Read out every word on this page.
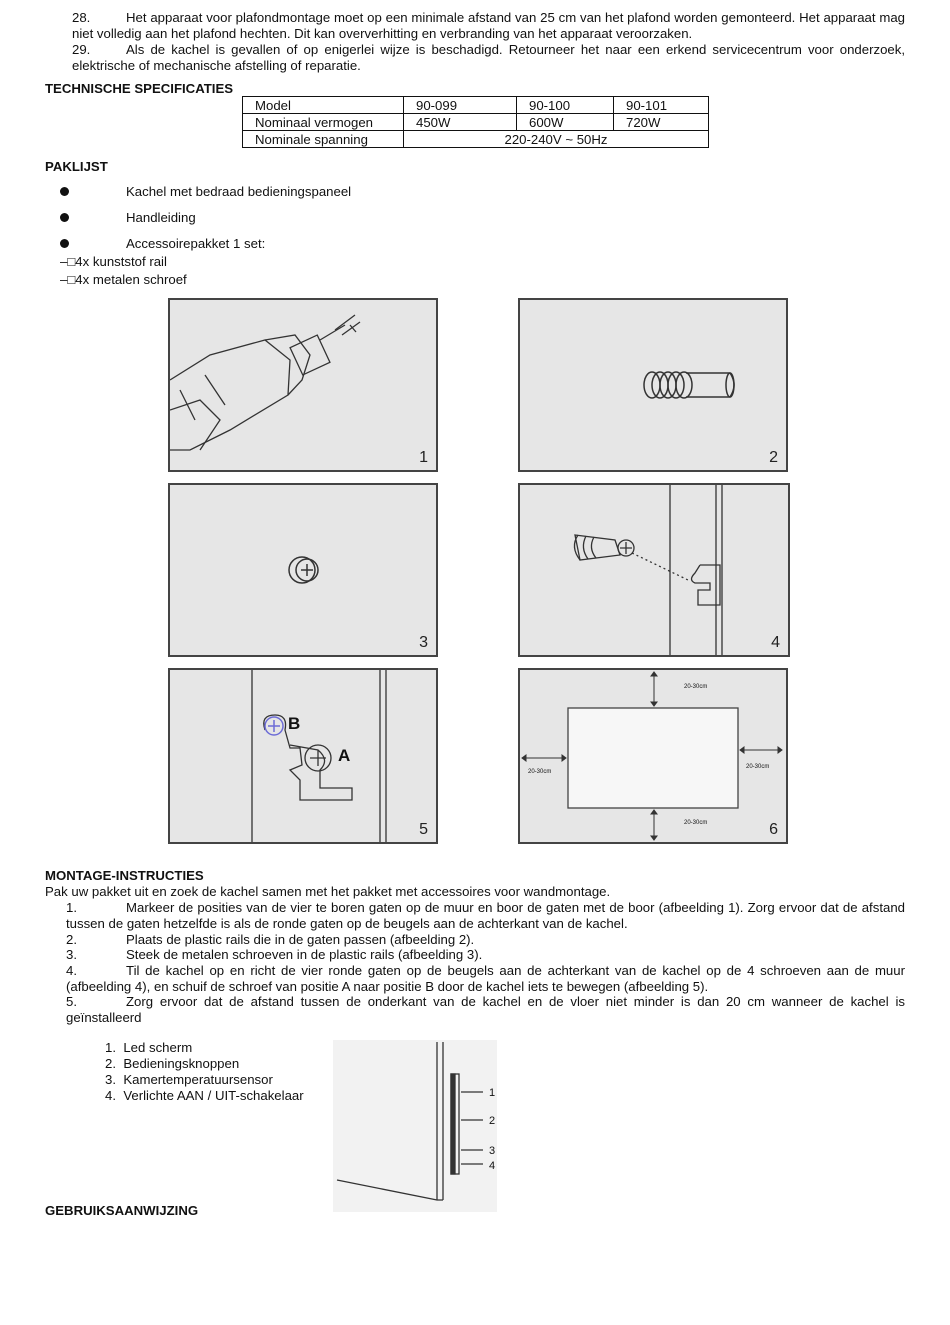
28.	Het apparaat voor plafondmontage moet op een minimale afstand van 25 cm van het plafond worden gemonteerd. Het apparaat mag niet volledig aan het plafond hechten. Dit kan oververhitting en verbranding van het apparaat veroorzaken.
29.	Als de kachel is gevallen of op enigerlei wijze is beschadigd. Retourneer het naar een erkend servicecentrum voor onderzoek, elektrische of mechanische afstelling of reparatie.
TECHNISCHE SPECIFICATIES
Model	90-099	90-100	90-101
Nominaal vermogen	450W	600W	720W
Nominale spanning	220-240V ~ 50Hz		
PAKLIJST
Kachel met bedraad bedieningspaneel
Handleiding
Accessoirepakket 1 set:
–□4x kunststof rail
–□4x metalen schroef
1	2
3	4
B
A
5
20-30cm
20-30cm
20-30cm
20-30cm	6
MONTAGE-INSTRUCTIES
Pak uw pakket uit en zoek de kachel samen met het pakket met accessoires voor wandmontage.
1.	Markeer de posities van de vier te boren gaten op de muur en boor de gaten met de boor (afbeelding 1). Zorg ervoor dat de afstand tussen de gaten hetzelfde is als de ronde gaten op de beugels aan de achterkant van de kachel.
2.	Plaats de plastic rails die in de gaten passen (afbeelding 2).
3.	Steek de metalen schroeven in de plastic rails (afbeelding 3).
4.	Til de kachel op en richt de vier ronde gaten op de beugels aan de achterkant van de kachel op de 4 schroeven aan de muur (afbeelding 4), en schuif de schroef van positie A naar positie B door de kachel iets te bewegen (afbeelding 5).
5.	Zorg ervoor dat de afstand tussen de onderkant van de kachel en de vloer niet minder is dan 20 cm wanneer de kachel is geïnstalleerd
1.  Led scherm
2.  Bedieningsknoppen
3.  Kamertemperatuursensor
4.  Verlichte AAN / UIT-schakelaar	1
2
3
4
GEBRUIKSAANWIJZING
